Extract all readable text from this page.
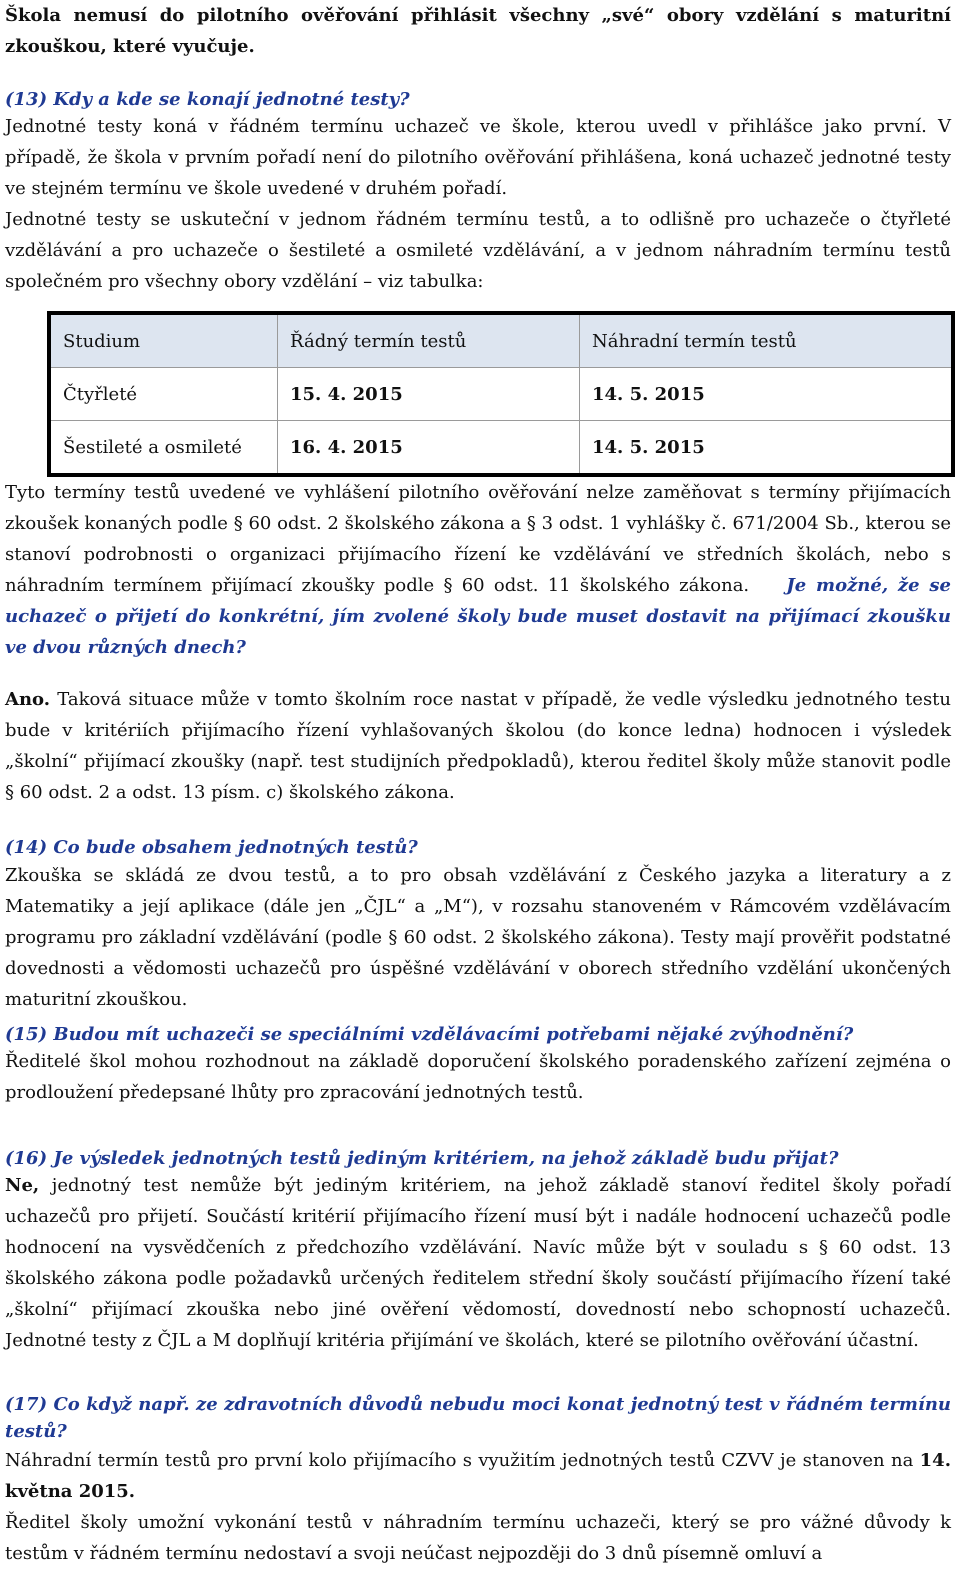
Škola nemusí do pilotního ověřování přihlásit všechny „své“ obory vzdělání s maturitní zkouškou, které vyučuje.

(13) Kdy a kde se konají jednotné testy?

Jednotné testy koná v řádném termínu uchazeč ve škole, kterou uvedl v přihlášce jako první. V případě, že škola v prvním pořadí není do pilotního ověřování přihlášena, koná uchazeč jednotné testy ve stejném termínu ve škole uvedené v druhém pořadí.

Jednotné testy se uskuteční v jednom řádném termínu testů, a to odlišně pro uchazeče o čtyřleté vzdělávání a pro uchazeče o šestileté a osmileté vzdělávání, a v jednom náhradním termínu testů společném pro všechny obory vzdělání – viz tabulka:

Studium	Řádný termín testů	Náhradní termín testů
Čtyřleté	15. 4. 2015	14. 5. 2015
Šestileté a osmileté	16. 4. 2015	14. 5. 2015

Tyto termíny testů uvedené ve vyhlášení pilotního ověřování nelze zaměňovat s termíny přijímacích zkoušek konaných podle § 60 odst. 2 školského zákona a § 3 odst. 1 vyhlášky č. 671/2004 Sb., kterou se stanoví podrobnosti o organizaci přijímacího řízení ke vzdělávání ve středních školách, nebo s náhradním termínem přijímací zkoušky podle § 60 odst. 11 školského zákona. Je možné, že se uchazeč o přijetí do konkrétní, jím zvolené školy bude muset dostavit na přijímací zkoušku ve dvou různých dnech?

Ano. Taková situace může v tomto školním roce nastat v případě, že vedle výsledku jednotného testu bude v kritériích přijímacího řízení vyhlašovaných školou (do konce ledna) hodnocen i výsledek „školní“ přijímací zkoušky (např. test studijních předpokladů), kterou ředitel školy může stanovit podle § 60 odst. 2 a odst. 13 písm. c) školského zákona.

(14) Co bude obsahem jednotných testů?

Zkouška se skládá ze dvou testů, a to pro obsah vzdělávání z Českého jazyka a literatury a z Matematiky a její aplikace (dále jen „ČJL“ a „M“), v rozsahu stanoveném v Rámcovém vzdělávacím programu pro základní vzdělávání (podle § 60 odst. 2 školského zákona). Testy mají prověřit podstatné dovednosti a vědomosti uchazečů pro úspěšné vzdělávání v oborech středního vzdělání ukončených maturitní zkouškou.

(15) Budou mít uchazeči se speciálními vzdělávacími potřebami nějaké zvýhodnění?

Ředitelé škol mohou rozhodnout na základě doporučení školského poradenského zařízení zejména o prodloužení předepsané lhůty pro zpracování jednotných testů.

(16) Je výsledek jednotných testů jediným kritériem, na jehož základě budu přijat?

Ne, jednotný test nemůže být jediným kritériem, na jehož základě stanoví ředitel školy pořadí uchazečů pro přijetí. Součástí kritérií přijímacího řízení musí být i nadále hodnocení uchazečů podle hodnocení na vysvědčeních z předchozího vzdělávání. Navíc může být v souladu s § 60 odst. 13 školského zákona podle požadavků určených ředitelem střední školy součástí přijímacího řízení také „školní“ přijímací zkouška nebo jiné ověření vědomostí, dovedností nebo schopností uchazečů. Jednotné testy z ČJL a M doplňují kritéria přijímání ve školách, které se pilotního ověřování účastní.

(17) Co když např. ze zdravotních důvodů nebudu moci konat jednotný test v řádném termínu testů?

Náhradní termín testů pro první kolo přijímacího s využitím jednotných testů CZVV je stanoven na 14. května 2015.

Ředitel školy umožní vykonání testů v náhradním termínu uchazeči, který se pro vážné důvody k testům v řádném termínu nedostaví a svoji neúčast nejpozději do 3 dnů písemně omluví a
